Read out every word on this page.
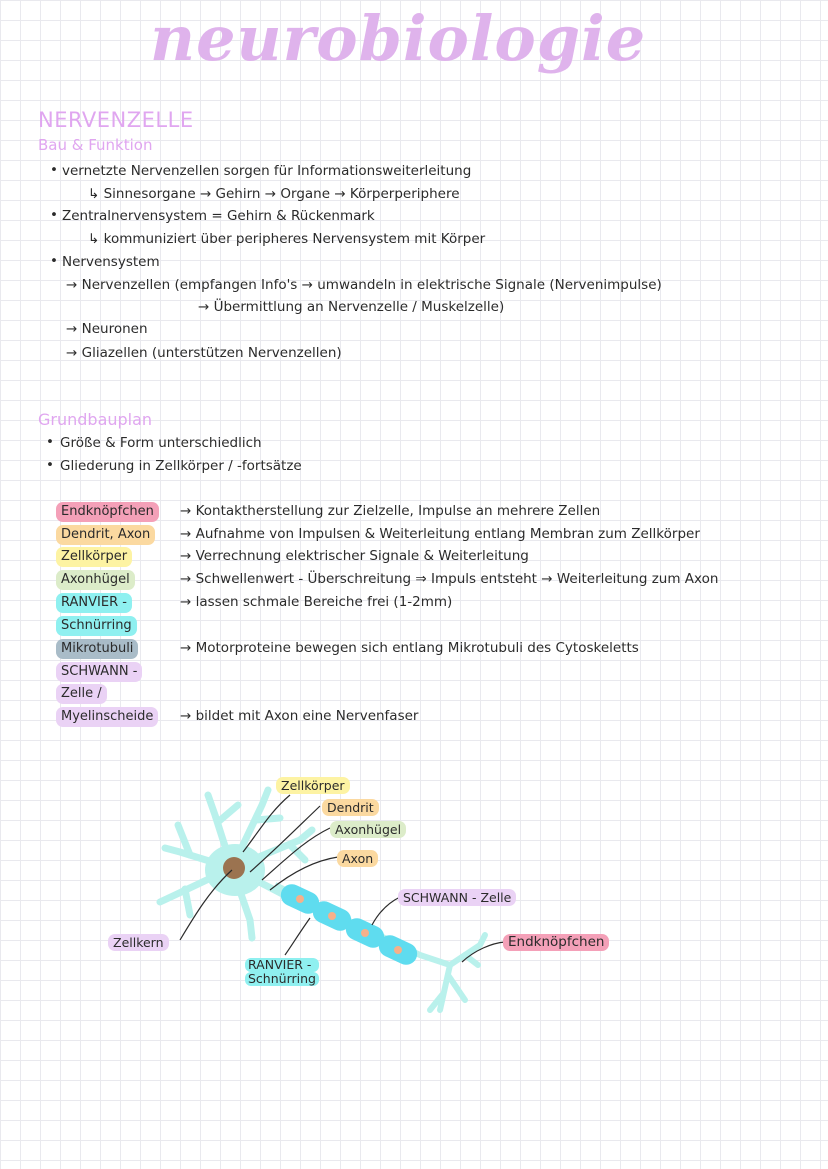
neurobiologie
NERVENZELLE
Bau & Funktion
• vernetzte Nervenzellen sorgen für Informationsweiterleitung
↳ Sinnesorgane → Gehirn → Organe → Körperperiphere
• Zentralnervensystem = Gehirn & Rückenmark
↳ kommuniziert über peripheres Nervensystem mit Körper
• Nervensystem
→ Nervenzellen (empfangen Info's → umwandeln in elektrische Signale (Nervenimpulse)
→ Übermittlung an Nervenzelle / Muskelzelle)
→ Neuronen
→ Gliazellen (unterstützen Nervenzellen)
Grundbauplan
• Größe & Form unterschiedlich
• Gliederung in Zellkörper / -fortsätze
Endknöpfchen
Dendrit, Axon
Zellkörper
Axonhügel
RANVIER -
Schnürring
Mikrotubuli
SCHWANN -
Zelle /
Myelinscheide
→ Kontaktherstellung zur Zielzelle, Impulse an mehrere Zellen
→ Aufnahme von Impulsen & Weiterleitung entlang Membran zum Zellkörper
→ Verrechnung elektrischer Signale & Weiterleitung
→ Schwellenwert - Überschreitung ⇒ Impuls entsteht → Weiterleitung zum Axon
→ lassen schmale Bereiche frei (1-2mm)
→ Motorproteine bewegen sich entlang Mikrotubuli des Cytoskeletts
→ bildet mit Axon eine Nervenfaser
Zellkörper
Dendrit
Axonhügel
Axon
SCHWANN - Zelle
Zellkern
RANVIER -
Schnürring
Endknöpfchen
